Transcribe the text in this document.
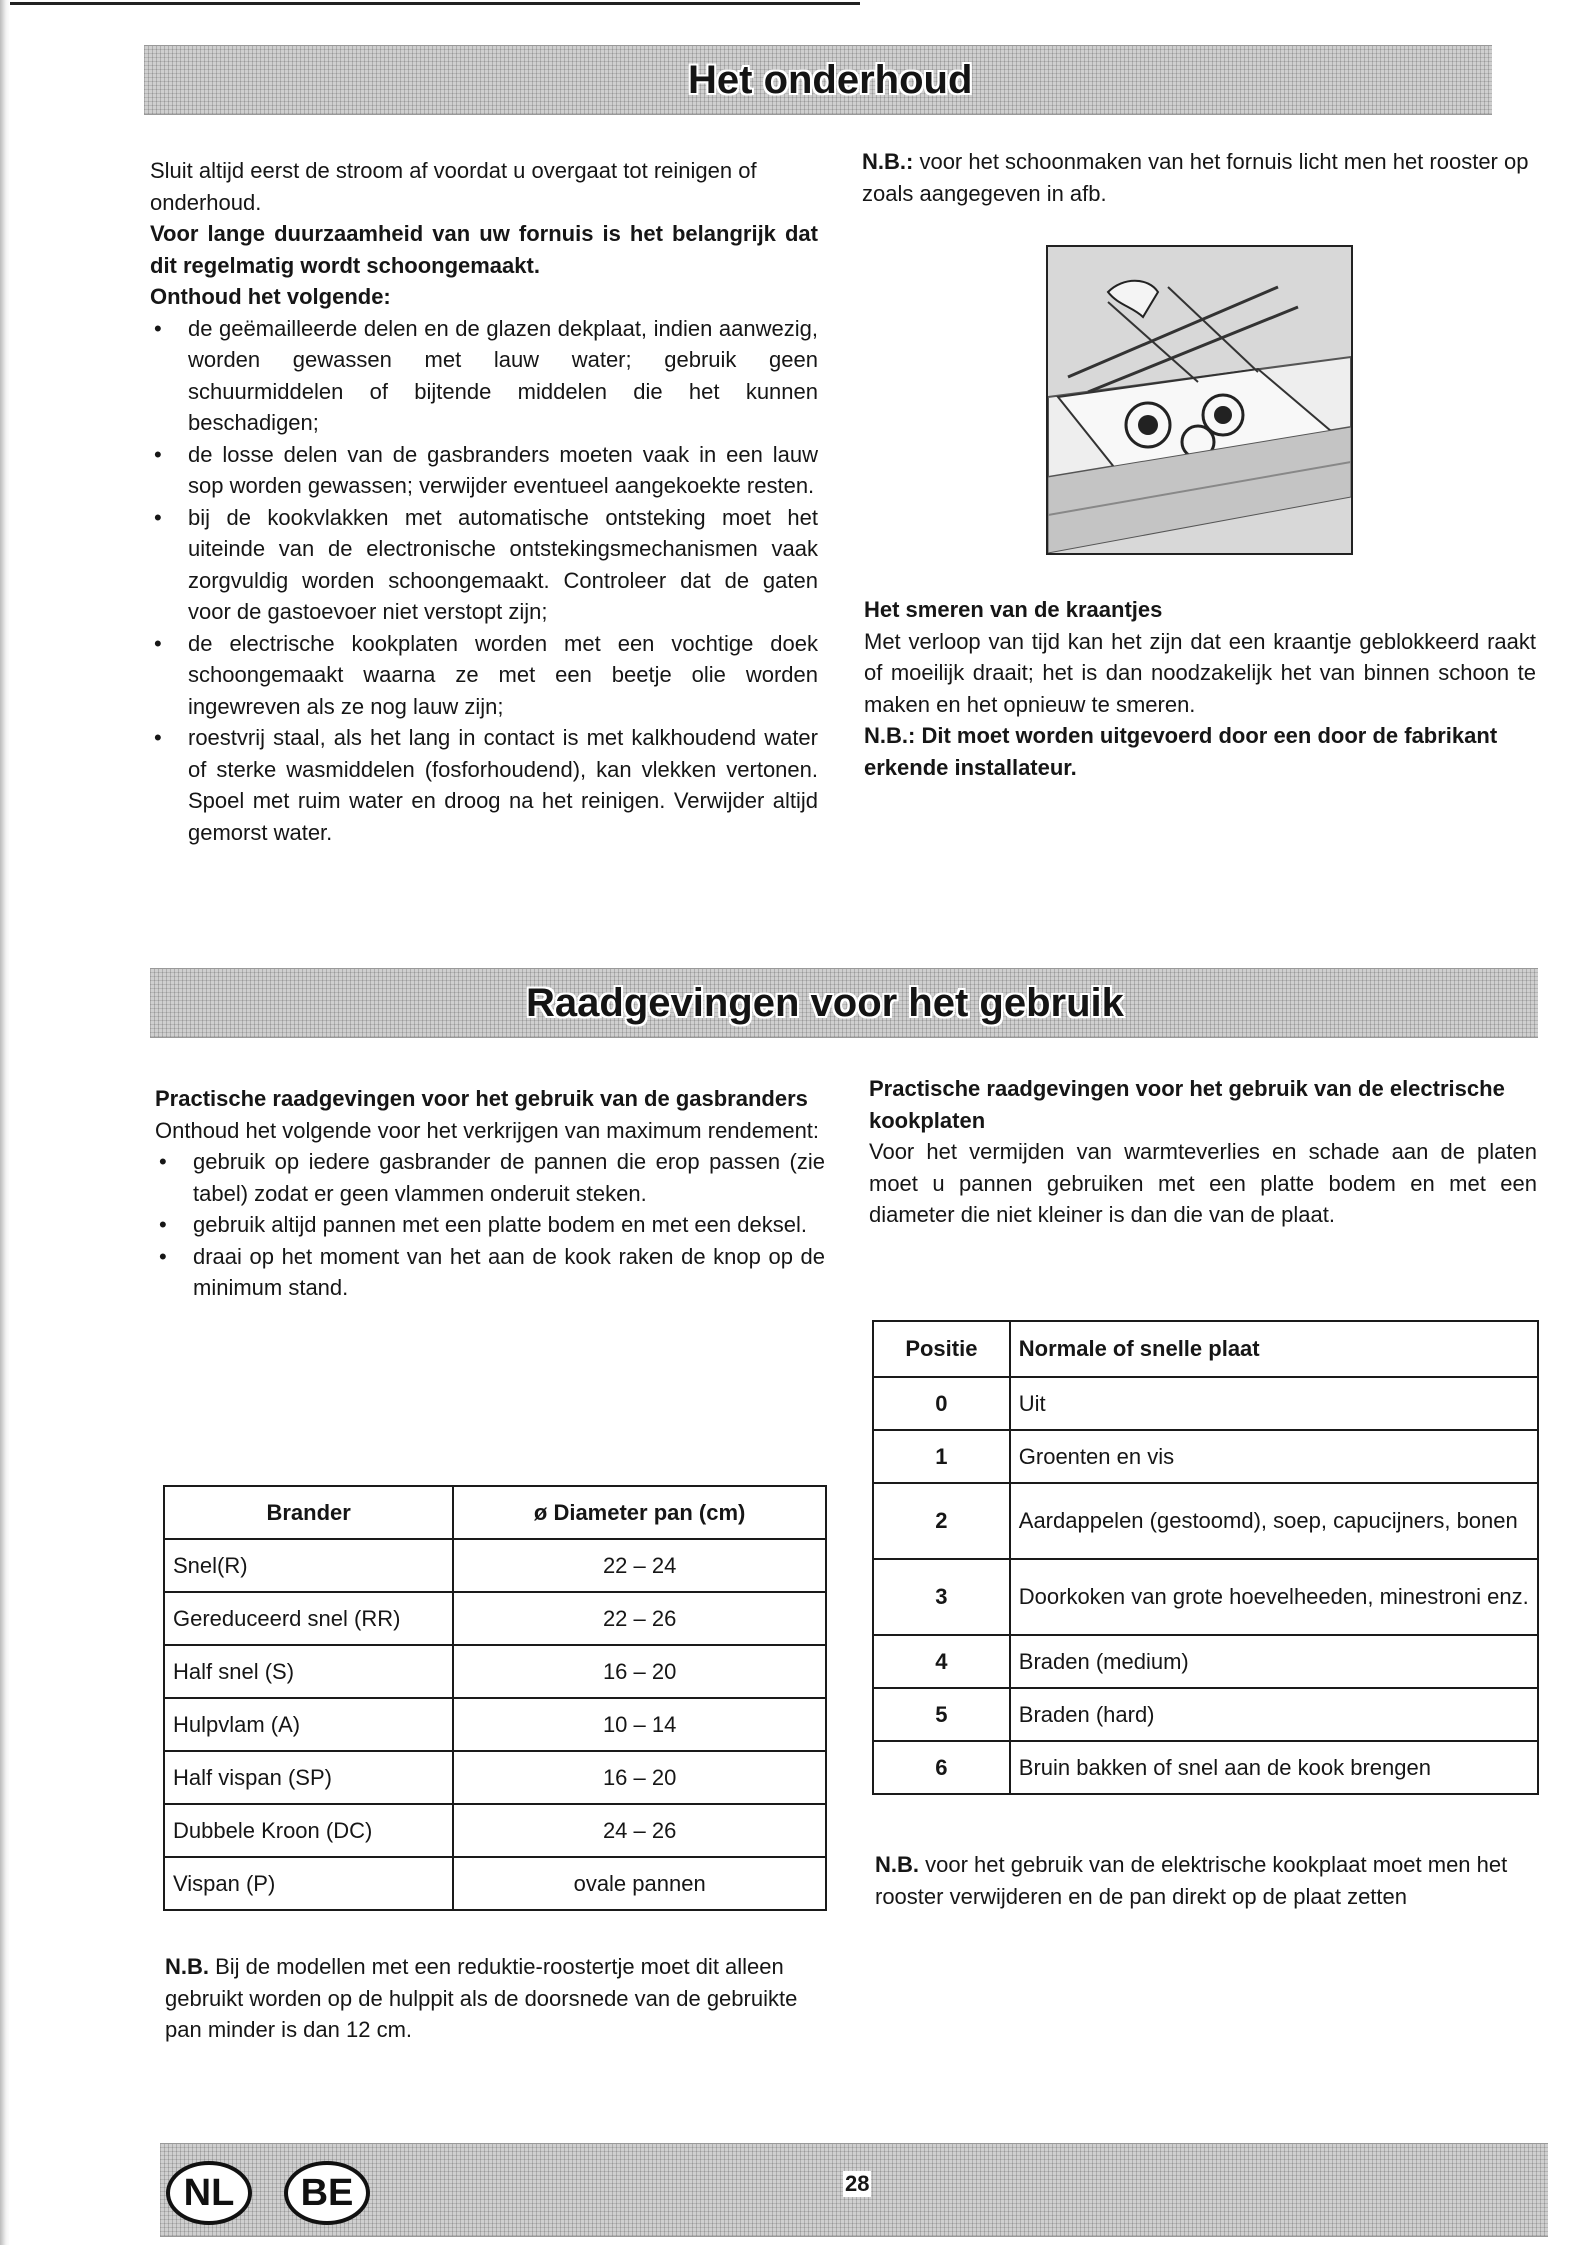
Het onderhoud

Sluit altijd eerst de stroom af voordat u overgaat tot reinigen of onderhoud.

Voor lange duurzaamheid van uw fornuis is het belangrijk dat dit regelmatig wordt schoongemaakt.

Onthoud het volgende:

• de geëmailleerde delen en de glazen dekplaat, indien aanwezig, worden gewassen met lauw water; gebruik geen schuurmiddelen of bijtende middelen die het kunnen beschadigen;
• de losse delen van de gasbranders moeten vaak in een lauw sop worden gewassen; verwijder eventueel aangekoekte resten.
• bij de kookvlakken met automatische ontsteking moet het uiteinde van de electronische ontstekingsmechanismen vaak zorgvuldig worden schoongemaakt. Controleer dat de gaten voor de gastoevoer niet verstopt zijn;
• de electrische kookplaten worden met een vochtige doek schoongemaakt waarna ze met een beetje olie worden ingewreven als ze nog lauw zijn;
• roestvrij staal, als het lang in contact is met kalkhoudend water of sterke wasmiddelen (fosforhoudend), kan vlekken vertonen. Spoel met ruim water en droog na het reinigen. Verwijder altijd gemorst water.

N.B.: voor het schoonmaken van het fornuis licht men het rooster op zoals aangegeven in afb.

Het smeren van de kraantjes

Met verloop van tijd kan het zijn dat een kraantje geblokkeerd raakt of moeilijk draait; het is dan noodzakelijk het van binnen schoon te maken en het opnieuw te smeren.

N.B.: Dit moet worden uitgevoerd door een door de fabrikant erkende installateur.

Raadgevingen voor het gebruik

Practische raadgevingen voor het gebruik van de gasbranders

Onthoud het volgende voor het verkrijgen van maximum rendement:

• gebruik op iedere gasbrander de pannen die erop passen (zie tabel) zodat er geen vlammen onderuit steken.
• gebruik altijd pannen met een platte bodem en met een deksel.
• draai op het moment van het aan de kook raken de knop op de minimum stand.
Brander	ø Diameter pan (cm)
Snel(R)	22 – 24
Gereduceerd snel (RR)	22 – 26
Half snel (S)	16 – 20
Hulpvlam (A)	10 – 14
Half vispan (SP)	16 – 20
Dubbele Kroon (DC)	24 – 26
Vispan (P)	ovale pannen

N.B. Bij de modellen met een reduktie-roostertje moet dit alleen gebruikt worden op de hulppit als de doorsnede van de gebruikte pan minder is dan 12 cm.

Practische raadgevingen voor het gebruik van de electrische kookplaten

Voor het vermijden van warmteverlies en schade aan de platen moet u pannen gebruiken met een platte bodem en met een diameter die niet kleiner is dan die van de plaat.

Positie	Normale of snelle plaat
0	Uit
1	Groenten en vis
2	Aardappelen (gestoomd), soep, capucijners, bonen
3	Doorkoken van grote hoevelheeden, minestroni enz.
4	Braden (medium)
5	Braden (hard)
6	Bruin bakken of snel aan de kook brengen

N.B. voor het gebruik van de elektrische kookplaat moet men het rooster verwijderen en de pan direkt op de plaat zetten

NL	BE	28
